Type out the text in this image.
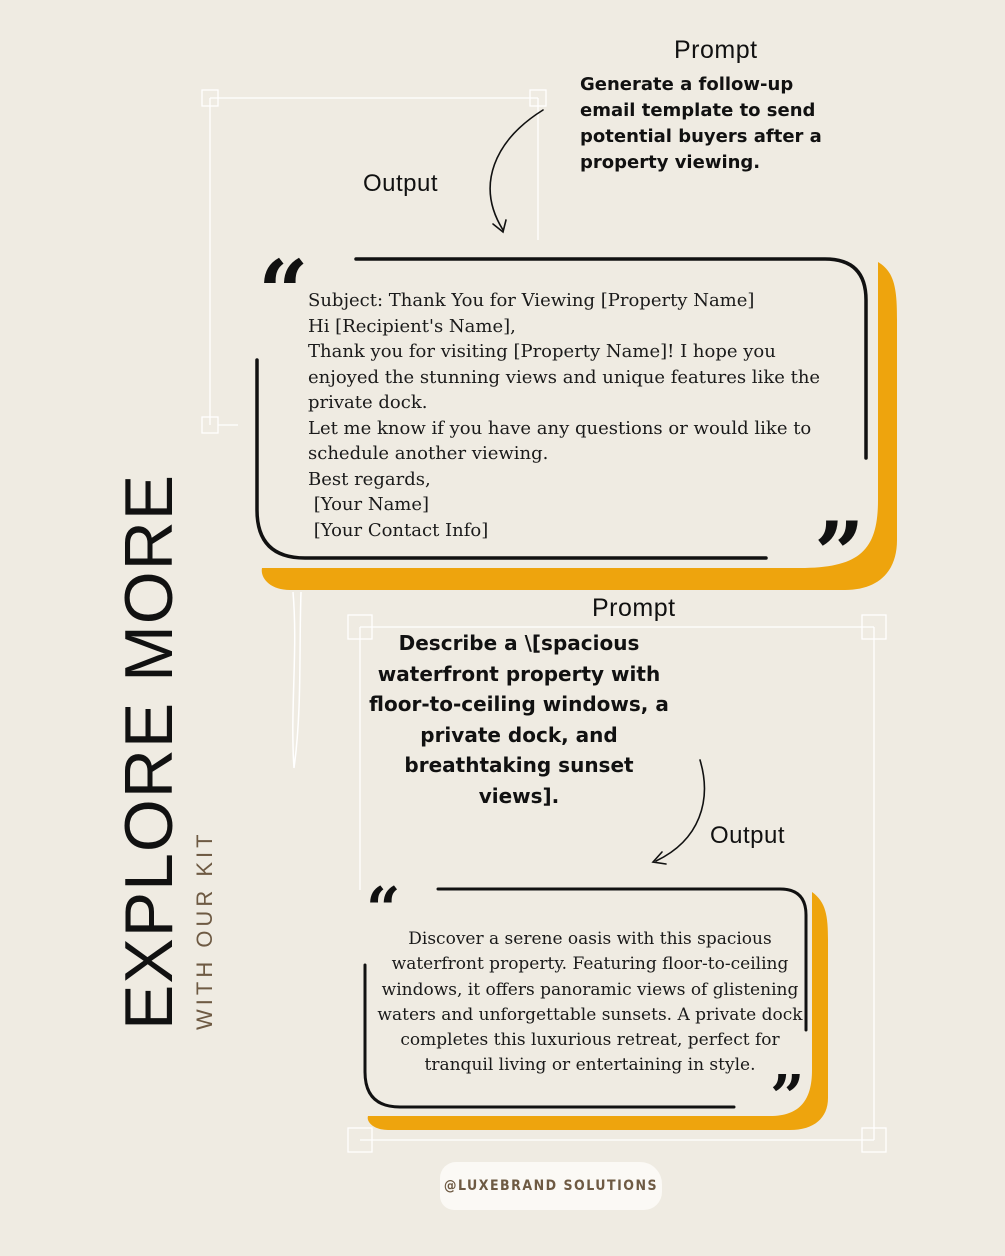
EXPLORE MORE WITH OUR KIT
Prompt
Generate a follow-up email template to send potential buyers after a property viewing.
Output
“
”
Subject: Thank You for Viewing [Property Name]
Hi [Recipient's Name],
Thank you for visiting [Property Name]! I hope you
enjoyed the stunning views and unique features like the
private dock.
Let me know if you have any questions or would like to
schedule another viewing.
Best regards,
[Your Name]
[Your Contact Info]
Prompt
Describe a \[spacious
waterfront property with
floor-to-ceiling windows, a
private dock, and
breathtaking sunset views].
Output
“
”
Discover a serene oasis with this spacious
waterfront property. Featuring floor-to-ceiling
windows, it offers panoramic views of glistening
waters and unforgettable sunsets. A private dock
completes this luxurious retreat, perfect for
tranquil living or entertaining in style.
@LUXEBRAND SOLUTIONS
